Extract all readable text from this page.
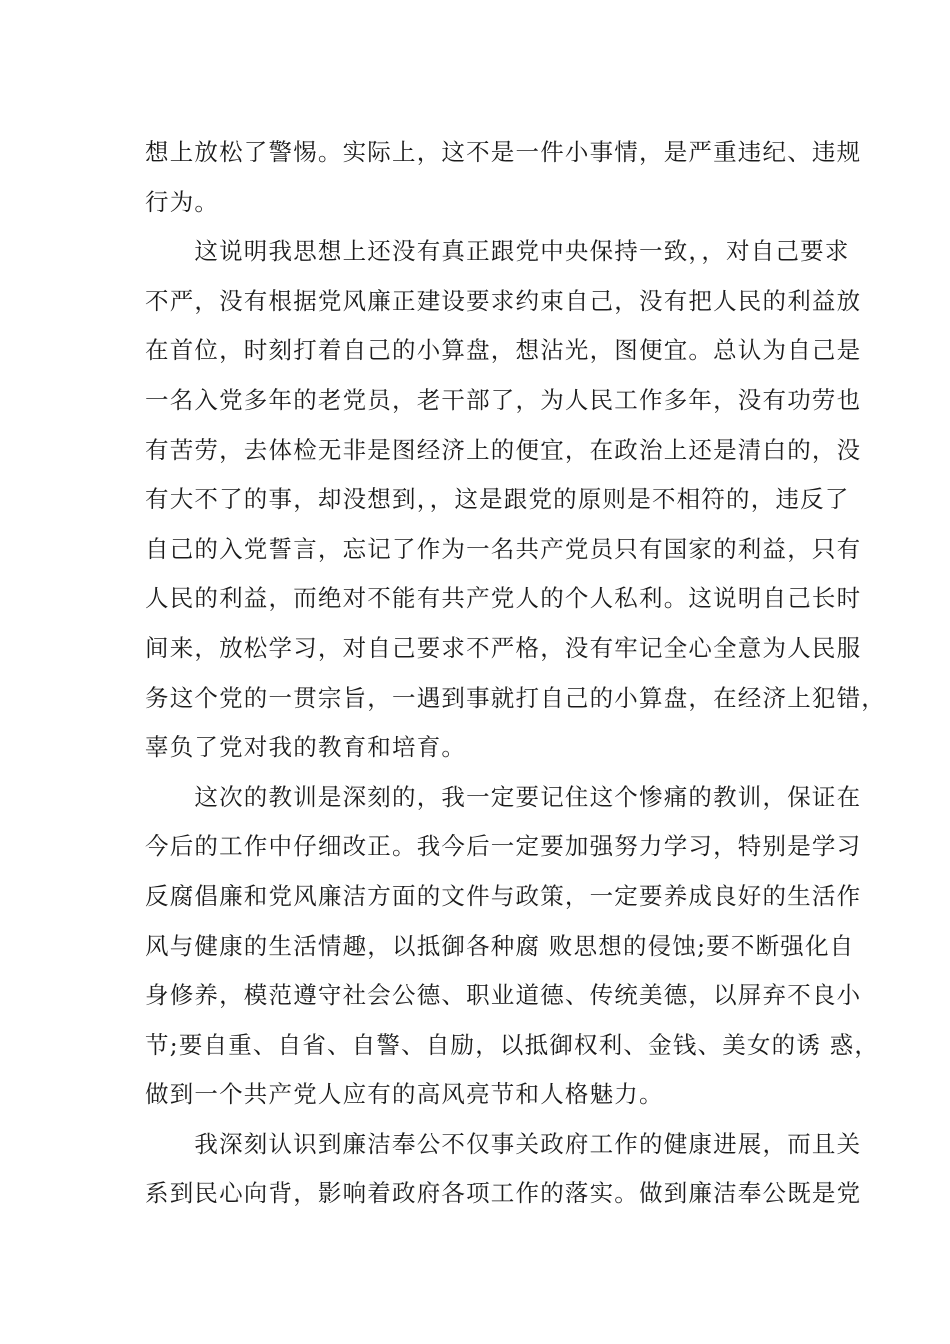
想上放松了警惕。实际上，这不是一件小事情，是严重违纪、违规
行为。
　　这说明我思想上还没有真正跟党中央保持一致，，对自己要求
不严，没有根据党风廉正建设要求约束自己，没有把人民的利益放
在首位，时刻打着自己的小算盘，想沾光，图便宜。总认为自己是
一名入党多年的老党员，老干部了，为人民工作多年，没有功劳也
有苦劳，去体检无非是图经济上的便宜，在政治上还是清白的，没
有大不了的事，却没想到，，这是跟党的原则是不相符的，违反了
自己的入党誓言，忘记了作为一名共产党员只有国家的利益，只有
人民的利益，而绝对不能有共产党人的个人私利。这说明自己长时
间来，放松学习，对自己要求不严格，没有牢记全心全意为人民服
务这个党的一贯宗旨，一遇到事就打自己的小算盘，在经济上犯错，
辜负了党对我的教育和培育。
　　这次的教训是深刻的，我一定要记住这个惨痛的教训，保证在
今后的工作中仔细改正。我今后一定要加强努力学习，特别是学习
反腐倡廉和党风廉洁方面的文件与政策，一定要养成良好的生活作
风与健康的生活情趣，以抵御各种腐 败思想的侵蚀;要不断强化自
身修养，模范遵守社会公德、职业道德、传统美德，以屏弃不良小
节;要自重、自省、自警、自励，以抵御权利、金钱、美女的诱 惑，
做到一个共产党人应有的高风亮节和人格魅力。
　　我深刻认识到廉洁奉公不仅事关政府工作的健康进展，而且关
系到民心向背，影响着政府各项工作的落实。做到廉洁奉公既是党
